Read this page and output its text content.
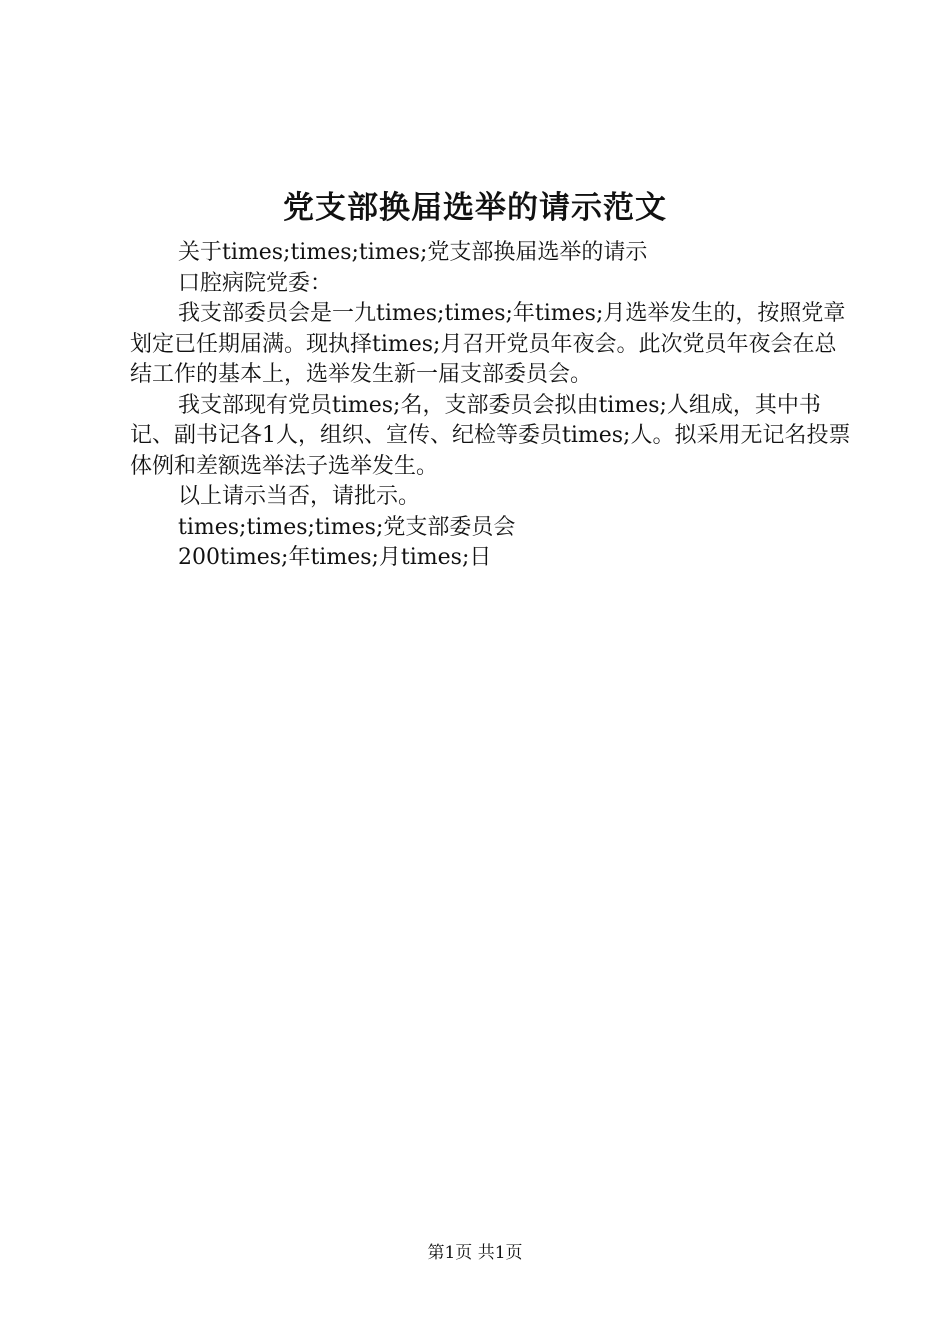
党支部换届选举的请示范文

关于times;times;times;党支部换届选举的请示

口腔病院党委：

我支部委员会是一九times;times;年times;月选举发生的，按照党章划定已任期届满。现执择times;月召开党员年夜会。此次党员年夜会在总结工作的基本上，选举发生新一届支部委员会。

我支部现有党员times;名，支部委员会拟由times;人组成，其中书记、副书记各1人，组织、宣传、纪检等委员times;人。拟采用无记名投票体例和差额选举法子选举发生。

以上请示当否，请批示。

times;times;times;党支部委员会

200times;年times;月times;日

第1页 共1页
